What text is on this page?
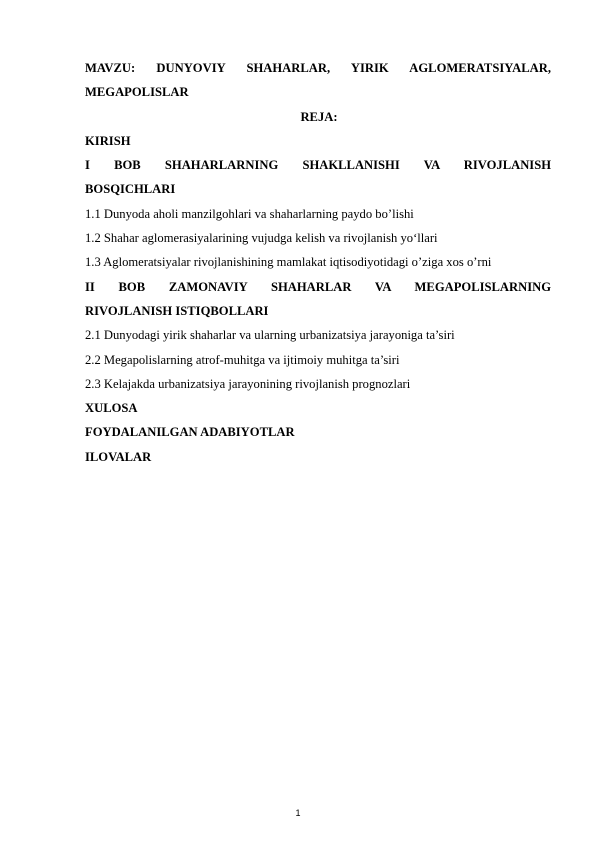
MAVZU: DUNYOVIY SHAHARLAR, YIRIK AGLOMERATSIYALAR,
MEGAPOLISLAR
REJA:
KIRISH
I BOB SHAHARLARNING SHAKLLANISHI VA RIVOJLANISH
BOSQICHLARI
1.1 Dunyoda aholi manzilgohlari va shaharlarning paydo bo’lishi
1.2 Shahar aglomerasiyalarining vujudga kelish va rivojlanish yo‘llari
1.3 Aglomeratsiyalar rivojlanishining mamlakat iqtisodiyotidagi o’ziga xos o’rni
II BOB ZAMONAVIY SHAHARLAR VA MEGAPOLISLARNING
RIVOJLANISH ISTIQBOLLARI
2.1 Dunyodagi yirik shaharlar va ularning urbanizatsiya jarayoniga ta’siri
2.2 Megapolislarning atrof-muhitga va ijtimoiy muhitga ta’siri
2.3 Kelajakda urbanizatsiya jarayonining rivojlanish prognozlari
XULOSA
FOYDALANILGAN ADABIYOTLAR
ILOVALAR
1
